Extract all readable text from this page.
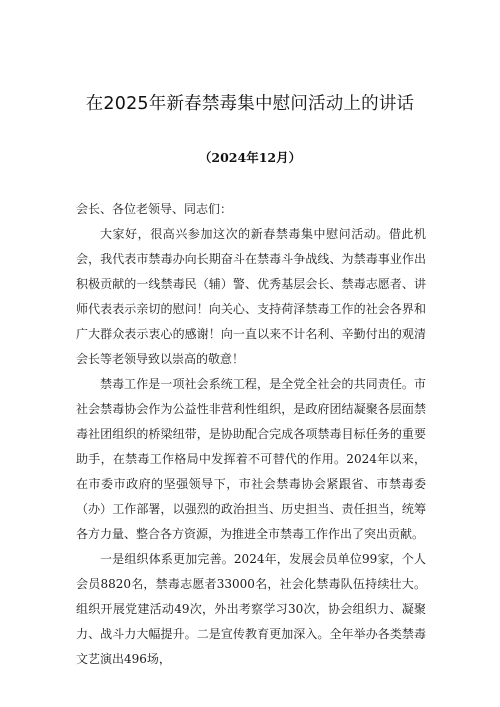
在2025年新春禁毒集中慰问活动上的讲话
（2024年12月）

会长、各位老领导、同志们：

大家好，很高兴参加这次的新春禁毒集中慰问活动。借此机会，我代表市禁毒办向长期奋斗在禁毒斗争战线、为禁毒事业作出积极贡献的一线禁毒民（辅）警、优秀基层会长、禁毒志愿者、讲师代表表示亲切的慰问！向关心、支持荷泽禁毒工作的社会各界和广大群众表示衷心的感谢！向一直以来不计名利、辛勤付出的观清会长等老领导致以崇高的敬意！

禁毒工作是一项社会系统工程，是全党全社会的共同责任。市社会禁毒协会作为公益性非营利性组织，是政府团结凝聚各层面禁毒社团组织的桥梁纽带，是协助配合完成各项禁毒目标任务的重要助手，在禁毒工作格局中发挥着不可替代的作用。2024年以来，在市委市政府的坚强领导下，市社会禁毒协会紧跟省、市禁毒委（办）工作部署，以强烈的政治担当、历史担当、责任担当，统筹各方力量、整合各方资源，为推进全市禁毒工作作出了突出贡献。

一是组织体系更加完善。2024年，发展会员单位99家，个人会员8820名，禁毒志愿者33000名，社会化禁毒队伍持续壮大。组织开展党建活动49次，外出考察学习30次，协会组织力、凝聚力、战斗力大幅提升。二是宣传教育更加深入。全年举办各类禁毒文艺演出496场，
